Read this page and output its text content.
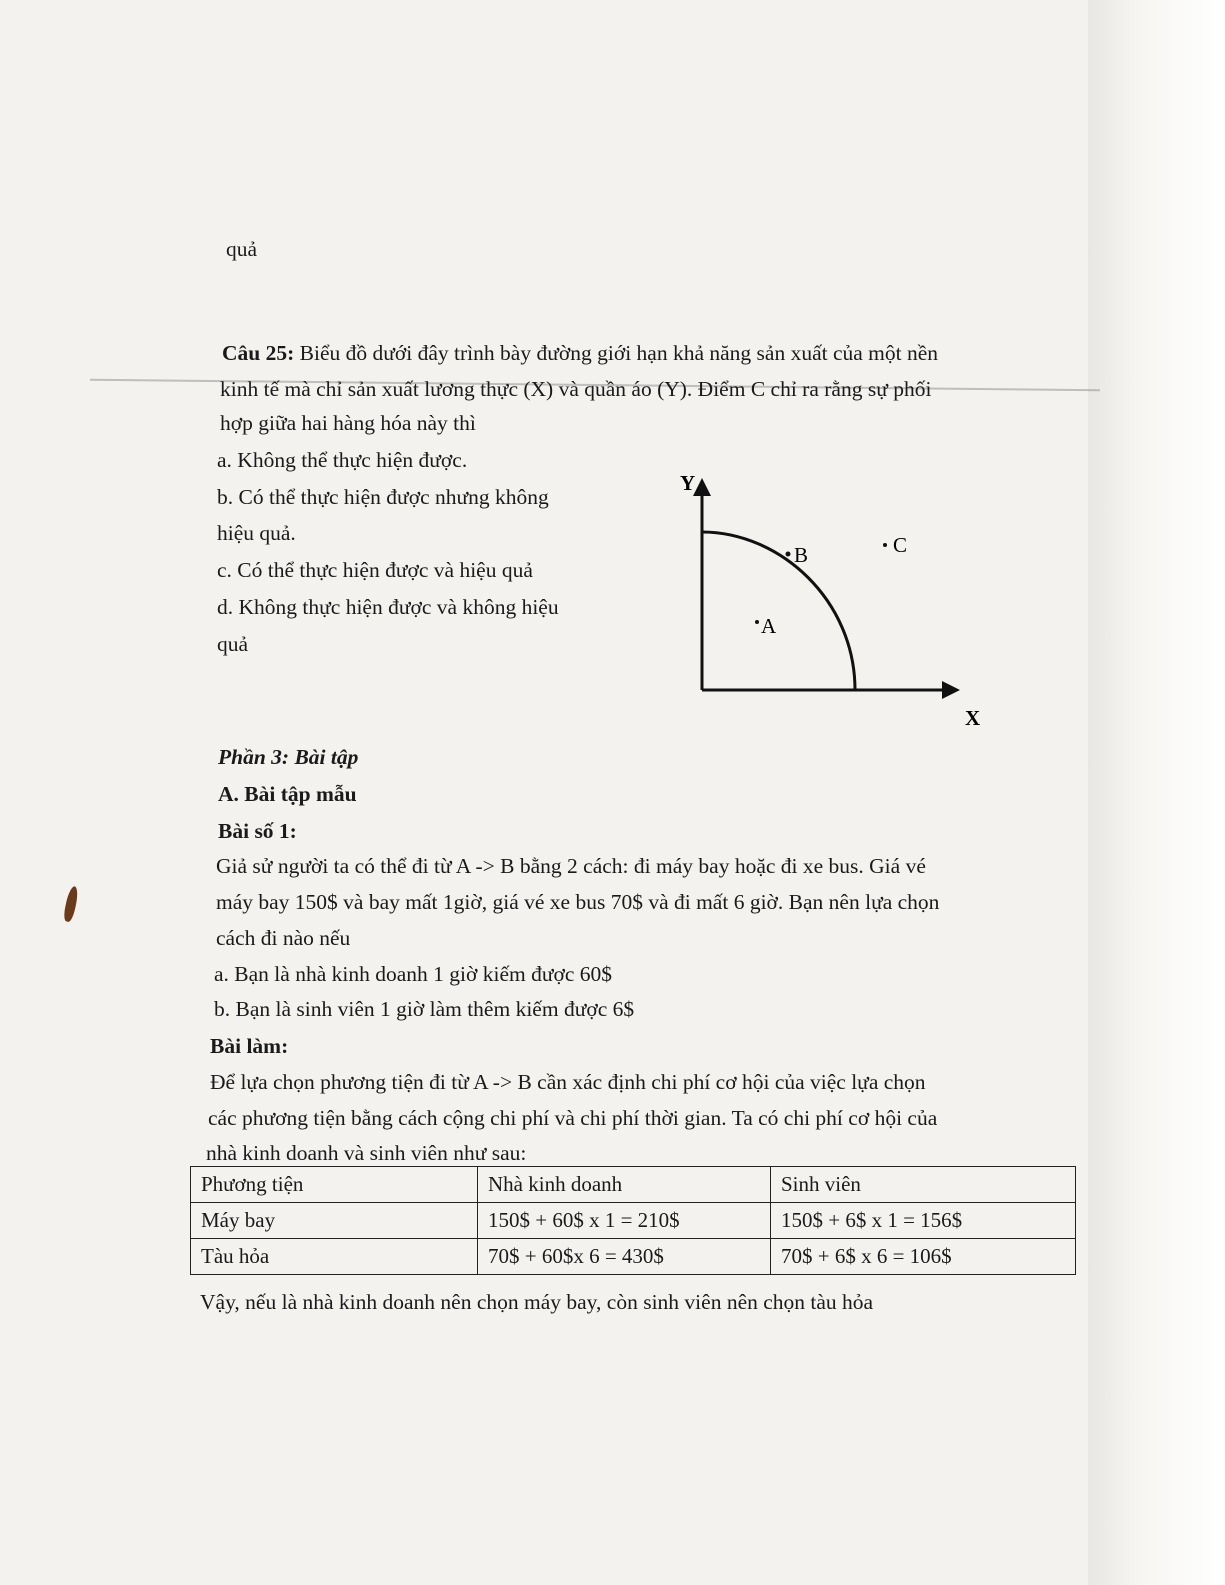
quả
Câu 25: Biểu đồ dưới đây trình bày đường giới hạn khả năng sản xuất của một nền
kinh tế mà chỉ sản xuất lương thực (X) và quần áo (Y). Điểm C chỉ ra rằng sự phối
hợp giữa hai hàng hóa này thì
a. Không thể thực hiện được.
b. Có thể thực hiện được nhưng không
hiệu quả.
c. Có thể thực hiện được và hiệu quả
d. Không thực hiện được và không hiệu
quả
Y
X
B	C
A
Phần 3: Bài tập
A. Bài tập mẫu
Bài số 1:
Giả sử người ta có thể đi từ A -> B bằng 2 cách: đi máy bay hoặc đi xe bus. Giá vé
máy bay 150$ và bay mất 1giờ, giá vé xe bus 70$ và đi mất 6 giờ. Bạn nên lựa chọn
cách đi nào nếu
a. Bạn là nhà kinh doanh 1 giờ kiếm được 60$
b. Bạn là sinh viên 1 giờ làm thêm kiếm được 6$
Bài làm:
Để lựa chọn phương tiện đi từ A -> B cần xác định chi phí cơ hội của việc lựa chọn
các phương tiện bằng cách cộng chi phí và chi phí thời gian. Ta có chi phí cơ hội của
nhà kinh doanh và sinh viên như sau:
Phương tiện	Nhà kinh doanh	Sinh viên
Máy bay	150$ + 60$ x 1 = 210$	150$ + 6$ x 1 = 156$
Tàu hỏa	70$ + 60$x 6 = 430$	70$ + 6$ x 6 = 106$
Vậy, nếu là nhà kinh doanh nên chọn máy bay, còn sinh viên nên chọn tàu hỏa
